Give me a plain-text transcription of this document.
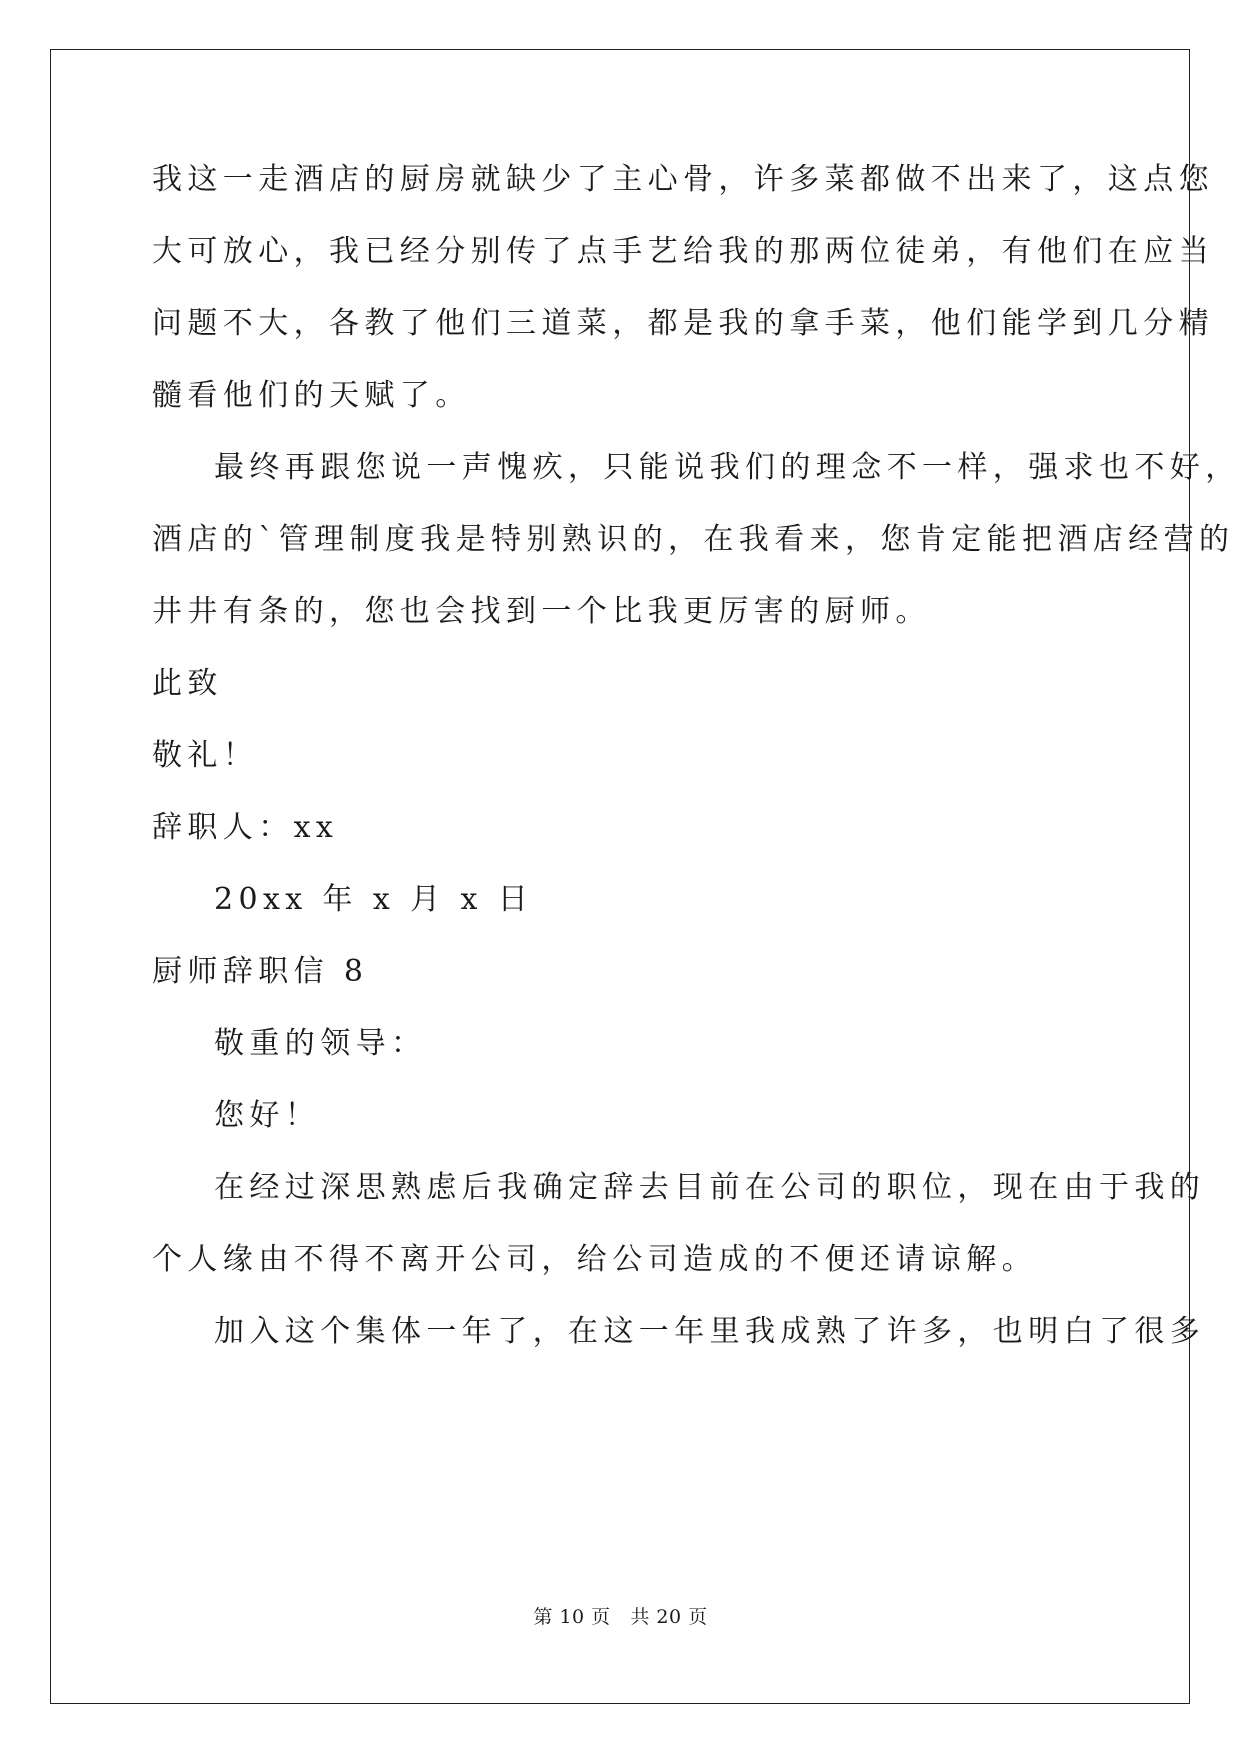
我这一走酒店的厨房就缺少了主心骨，许多菜都做不出来了，这点您
大可放心，我已经分别传了点手艺给我的那两位徒弟，有他们在应当
问题不大，各教了他们三道菜，都是我的拿手菜，他们能学到几分精
髓看他们的天赋了。
最终再跟您说一声愧疚，只能说我们的理念不一样，强求也不好，
酒店的`管理制度我是特别熟识的，在我看来，您肯定能把酒店经营的
井井有条的，您也会找到一个比我更厉害的厨师。
此致
敬礼！
辞职人：xx
20xx 年 x 月 x 日
厨师辞职信 8
敬重的领导：
您好！
在经过深思熟虑后我确定辞去目前在公司的职位，现在由于我的
个人缘由不得不离开公司，给公司造成的不便还请谅解。
加入这个集体一年了，在这一年里我成熟了许多，也明白了很多
第 10 页 共 20 页
